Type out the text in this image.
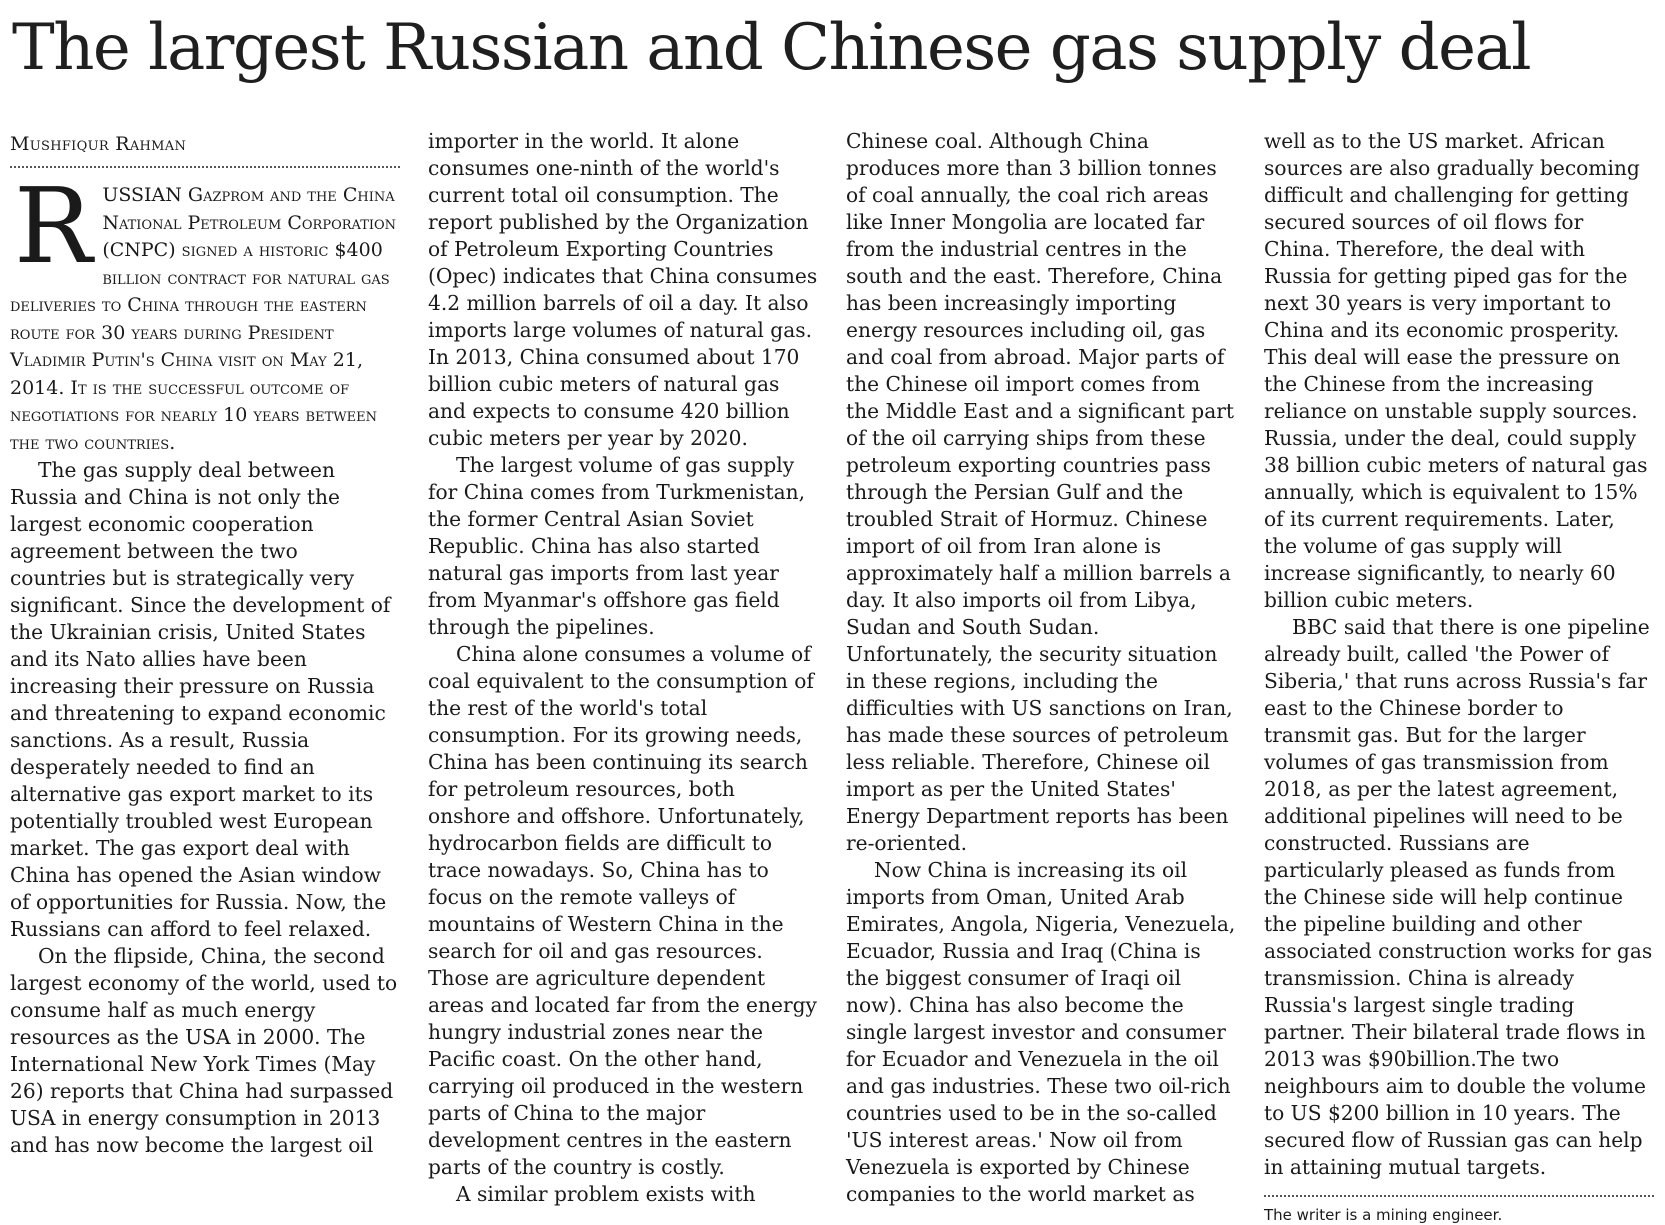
The largest Russian and Chinese gas supply deal

Mushfiqur Rahman

RUSSIAN Gazprom and the China National Petroleum Corporation (CNPC) signed a historic $400 billion contract for natural gas deliveries to China through the eastern route for 30 years during President Vladimir Putin's China visit on May 21, 2014. It is the successful outcome of negotiations for nearly 10 years between the two countries.

The gas supply deal between Russia and China is not only the largest economic cooperation agreement between the two countries but is strategically very significant. Since the development of the Ukrainian crisis, United States and its Nato allies have been increasing their pressure on Russia and threatening to expand economic sanctions. As a result, Russia desperately needed to find an alternative gas export market to its potentially troubled west European market. The gas export deal with China has opened the Asian window of opportunities for Russia. Now, the Russians can afford to feel relaxed.

On the flipside, China, the second largest economy of the world, used to consume half as much energy resources as the USA in 2000. The International New York Times (May 26) reports that China had surpassed USA in energy consumption in 2013 and has now become the largest oil

importer in the world. It alone consumes one-ninth of the world's current total oil consumption. The report published by the Organization of Petroleum Exporting Countries (Opec) indicates that China consumes 4.2 million barrels of oil a day. It also imports large volumes of natural gas. In 2013, China consumed about 170 billion cubic meters of natural gas and expects to consume 420 billion cubic meters per year by 2020.

The largest volume of gas supply for China comes from Turkmenistan, the former Central Asian Soviet Republic. China has also started natural gas imports from last year from Myanmar's offshore gas field through the pipelines.

China alone consumes a volume of coal equivalent to the consumption of the rest of the world's total consumption. For its growing needs, China has been continuing its search for petroleum resources, both onshore and offshore. Unfortunately, hydrocarbon fields are difficult to trace nowadays. So, China has to focus on the remote valleys of mountains of Western China in the search for oil and gas resources. Those are agriculture dependent areas and located far from the energy hungry industrial zones near the Pacific coast. On the other hand, carrying oil produced in the western parts of China to the major development centres in the eastern parts of the country is costly.

A similar problem exists with

Chinese coal. Although China produces more than 3 billion tonnes of coal annually, the coal rich areas like Inner Mongolia are located far from the industrial centres in the south and the east. Therefore, China has been increasingly importing energy resources including oil, gas and coal from abroad. Major parts of the Chinese oil import comes from the Middle East and a significant part of the oil carrying ships from these petroleum exporting countries pass through the Persian Gulf and the troubled Strait of Hormuz. Chinese import of oil from Iran alone is approximately half a million barrels a day. It also imports oil from Libya, Sudan and South Sudan. Unfortunately, the security situation in these regions, including the difficulties with US sanctions on Iran, has made these sources of petroleum less reliable. Therefore, Chinese oil import as per the United States' Energy Department reports has been re-oriented.

Now China is increasing its oil imports from Oman, United Arab Emirates, Angola, Nigeria, Venezuela, Ecuador, Russia and Iraq (China is the biggest consumer of Iraqi oil now). China has also become the single largest investor and consumer for Ecuador and Venezuela in the oil and gas industries. These two oil-rich countries used to be in the so-called 'US interest areas.' Now oil from Venezuela is exported by Chinese companies to the world market as

well as to the US market. African sources are also gradually becoming difficult and challenging for getting secured sources of oil flows for China. Therefore, the deal with Russia for getting piped gas for the next 30 years is very important to China and its economic prosperity. This deal will ease the pressure on the Chinese from the increasing reliance on unstable supply sources. Russia, under the deal, could supply 38 billion cubic meters of natural gas annually, which is equivalent to 15% of its current requirements. Later, the volume of gas supply will increase significantly, to nearly 60 billion cubic meters.

BBC said that there is one pipeline already built, called 'the Power of Siberia,' that runs across Russia's far east to the Chinese border to transmit gas. But for the larger volumes of gas transmission from 2018, as per the latest agreement, additional pipelines will need to be constructed. Russians are particularly pleased as funds from the Chinese side will help continue the pipeline building and other associated construction works for gas transmission. China is already Russia's largest single trading partner. Their bilateral trade flows in 2013 was $90billion.The two neighbours aim to double the volume to US $200 billion in 10 years. The secured flow of Russian gas can help in attaining mutual targets.

The writer is a mining engineer.
